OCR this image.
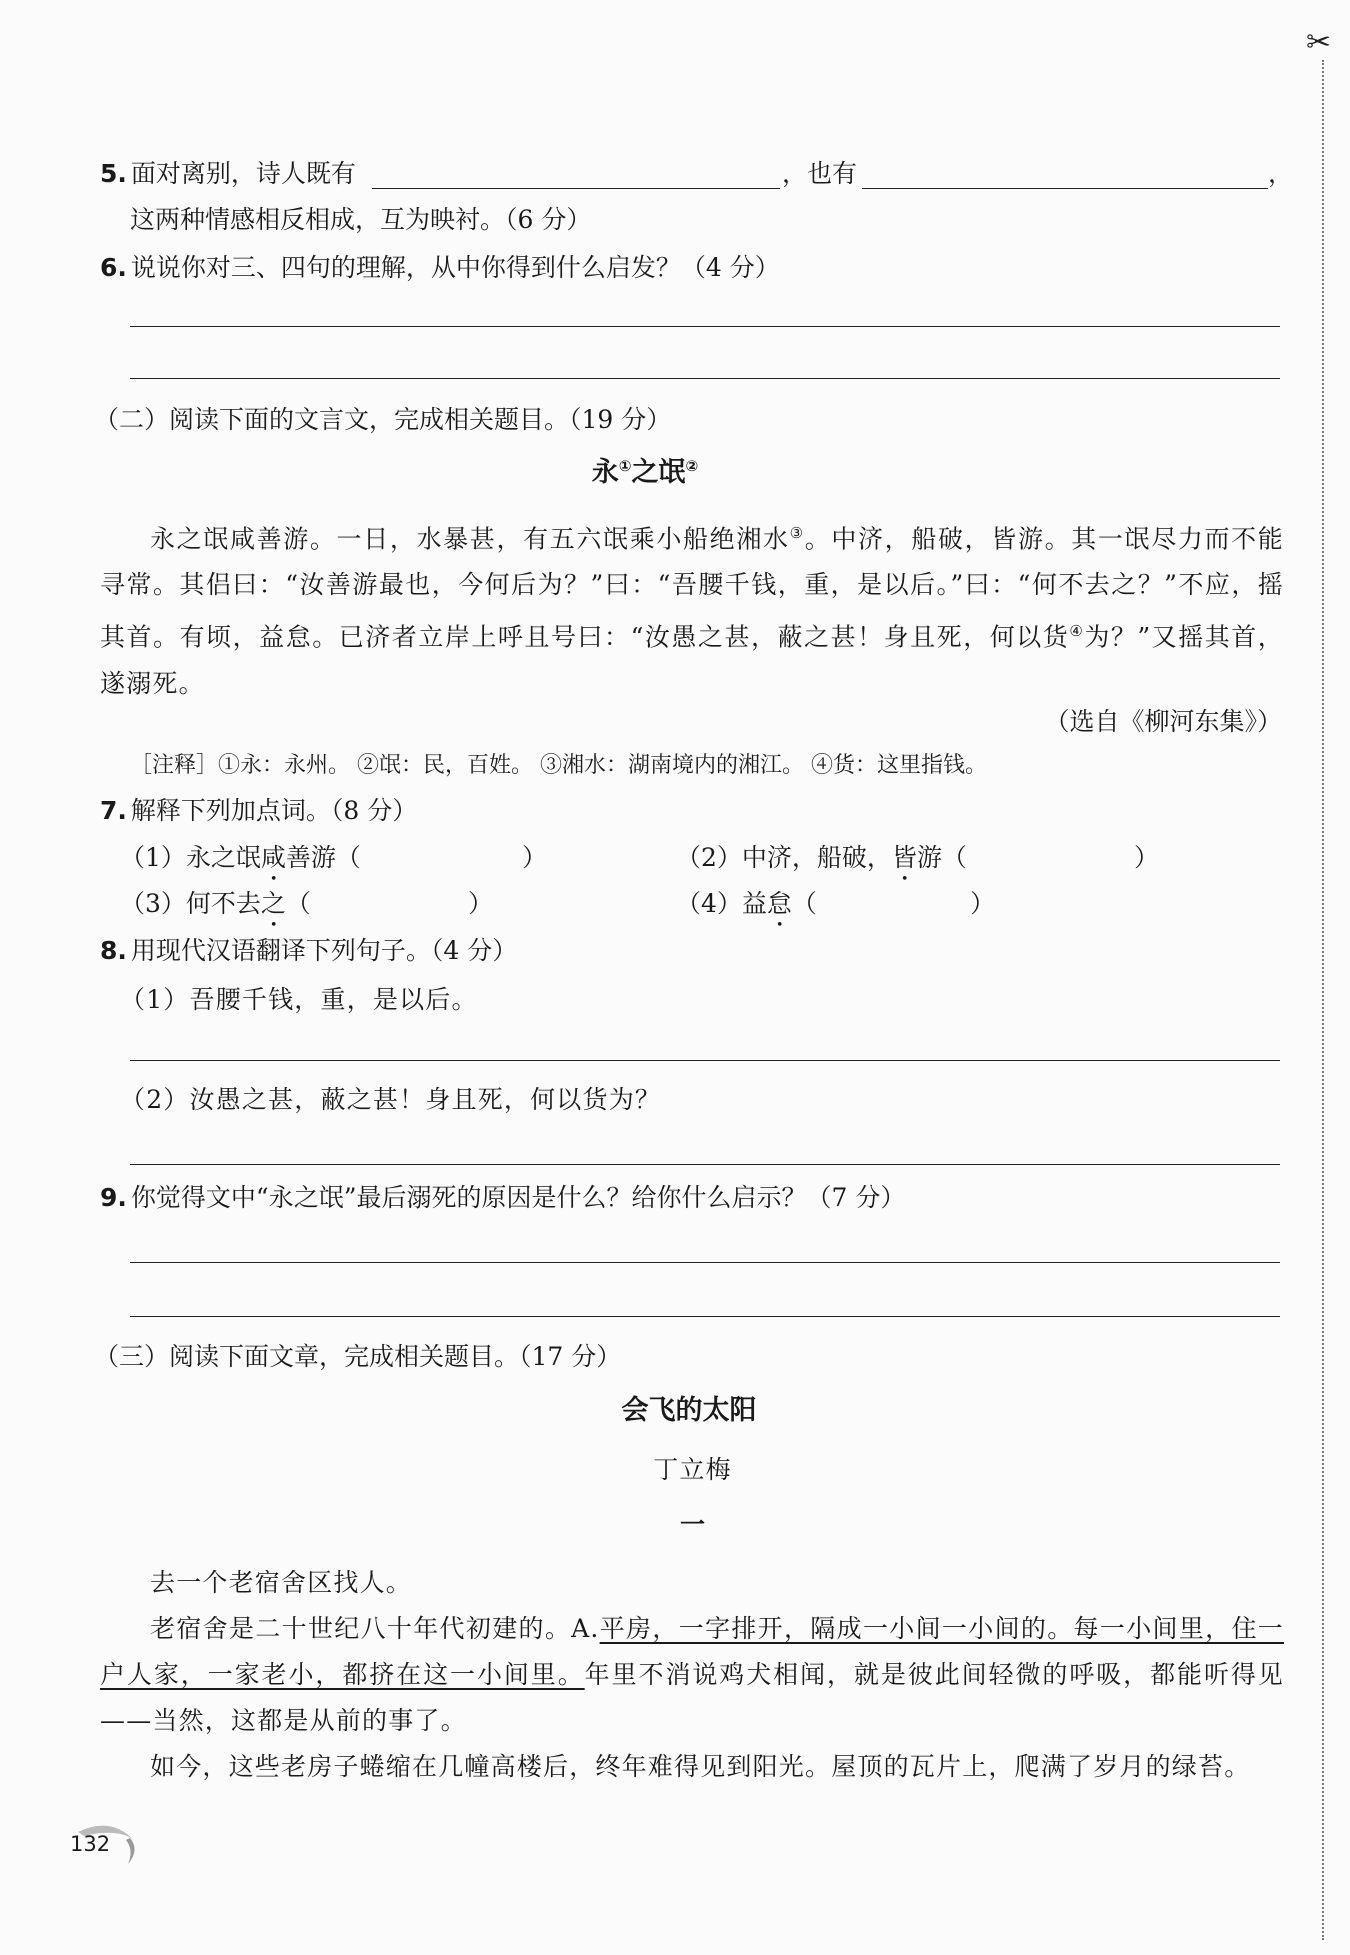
✂
5. 面对离别，诗人既有	，也有	，
这两种情感相反相成，互为映衬。（6 分）
6. 说说你对三、四句的理解，从中你得到什么启发？（4 分）
（二）阅读下面的文言文，完成相关题目。（19 分）
永①之氓②

永之氓咸善游。一日，水暴甚，有五六氓乘小船绝湘水③。中济，船破，皆游。其一氓尽力而不能寻常。其侣曰：“汝善游最也，今何后为？”曰：“吾腰千钱，重，是以后。”曰：“何不去之？”不应，摇其首。有顷，益怠。已济者立岸上呼且号曰：“汝愚之甚，蔽之甚！身且死，何以货④为？”又摇其首，遂溺死。

（选自《柳河东集》）
［注释］①永：永州。 ②氓：民，百姓。 ③湘水：湖南境内的湘江。 ④货：这里指钱。
7. 解释下列加点词。（8 分）
（1）永之氓咸善游（	）	（2）中济，船破，皆游（	）
（3）何不去之（	）	（4）益怠（	）
8. 用现代汉语翻译下列句子。（4 分）
（1）吾腰千钱，重，是以后。
（2）汝愚之甚，蔽之甚！身且死，何以货为？
9. 你觉得文中“永之氓”最后溺死的原因是什么？给你什么启示？（7 分）
（三）阅读下面文章，完成相关题目。（17 分）
会飞的太阳
丁立梅
一

去一个老宿舍区找人。

老宿舍是二十世纪八十年代初建的。A.平房，一字排开，隔成一小间一小间的。每一小间里，住一户人家，一家老小，都挤在这一小间里。年里不消说鸡犬相闻，就是彼此间轻微的呼吸，都能听得见——当然，这都是从前的事了。

如今，这些老房子蜷缩在几幢高楼后，终年难得见到阳光。屋顶的瓦片上，爬满了岁月的绿苔。

132
